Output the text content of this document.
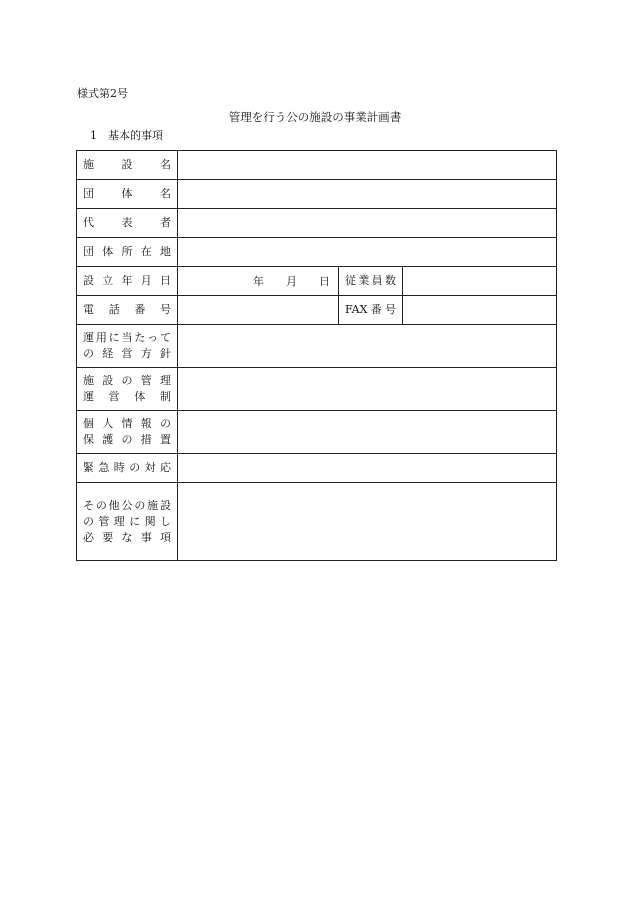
様式第2号
管理を行う公の施設の事業計画書
1　基本的事項
施設名			

団体名			

代表者			

団体所在地			

設立年月日	年 月 日	従業員数	

電話番号		FAX番号	

運用に当たって
の経営方針			

施設の管理
運営体制			

個人情報の
保護の措置			

緊急時の対応			

その他公の施設
の管理に関し
必要な事項			
